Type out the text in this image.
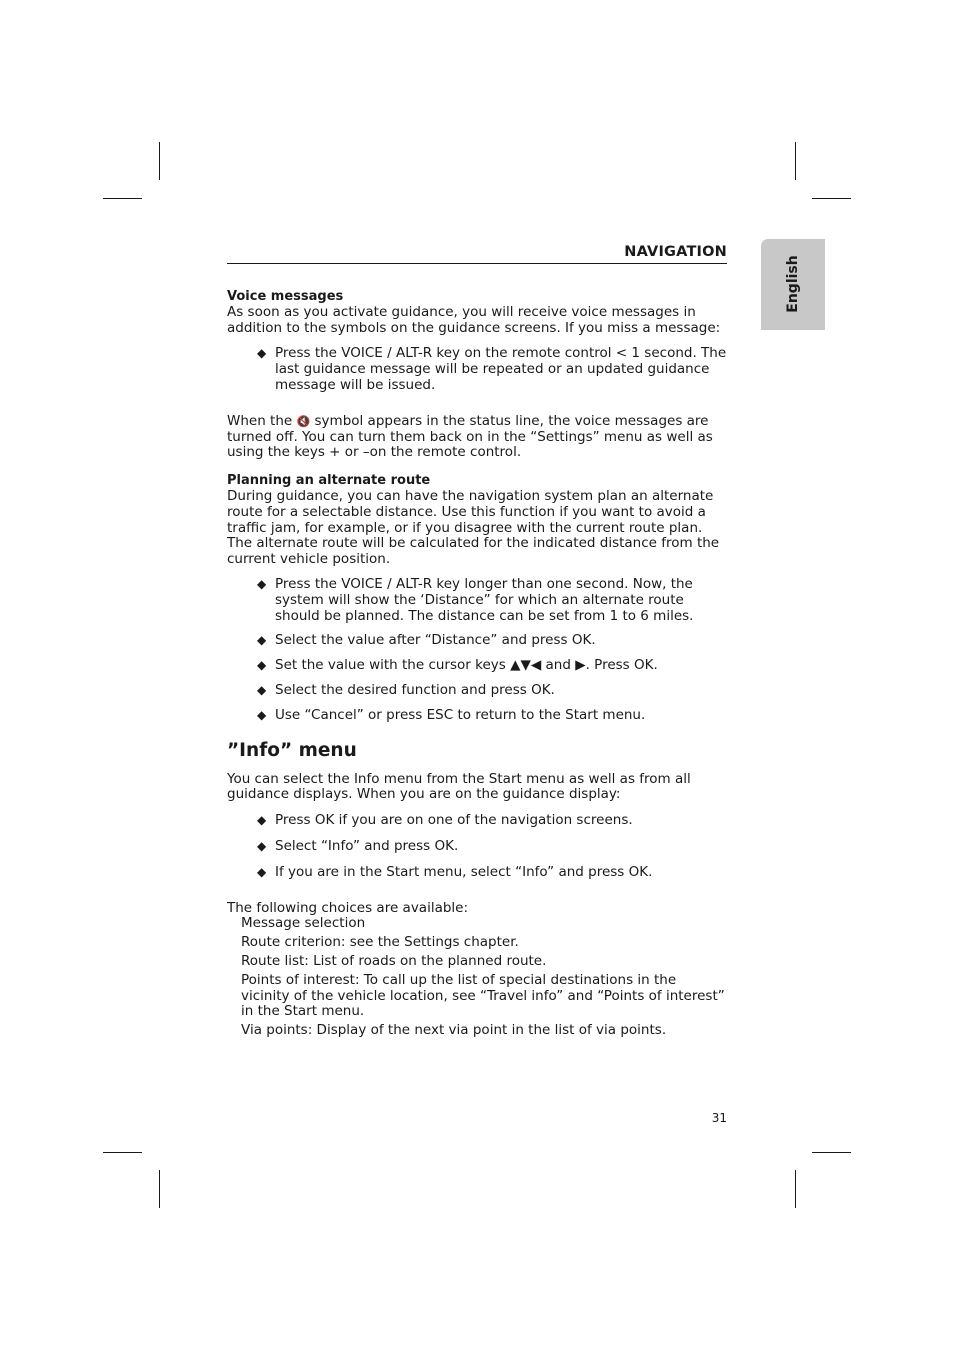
English
NAVIGATION

Voice messages

As soon as you activate guidance, you will receive voice messages in addition to the symbols on the guidance screens. If you miss a message:

◆ Press the VOICE / ALT-R key on the remote control < 1 second. The last guidance message will be repeated or an updated guidance message will be issued.

When the 🔇 symbol appears in the status line, the voice messages are turned off. You can turn them back on in the “Settings” menu as well as using the keys + or –on the remote control.

Planning an alternate route

During guidance, you can have the navigation system plan an alternate route for a selectable distance. Use this function if you want to avoid a traffic jam, for example, or if you disagree with the current route plan. The alternate route will be calculated for the indicated distance from the current vehicle position.

◆ Press the VOICE / ALT-R key longer than one second. Now, the system will show the ‘Distance” for which an alternate route should be planned. The distance can be set from 1 to 6 miles.
◆ Select the value after “Distance” and press OK.
◆ Set the value with the cursor keys ▲▼◀ and ▶. Press OK.
◆ Select the desired function and press OK.
◆ Use “Cancel” or press ESC to return to the Start menu.

”Info” menu

You can select the Info menu from the Start menu as well as from all guidance displays. When you are on the guidance display:

◆ Press OK if you are on one of the navigation screens.
◆ Select “Info” and press OK.
◆ If you are in the Start menu, select “Info” and press OK.

The following choices are available:

Message selection
Route criterion: see the Settings chapter.
Route list: List of roads on the planned route.
Points of interest: To call up the list of special destinations in the vicinity of the vehicle location, see “Travel info” and “Points of interest” in the Start menu.
Via points: Display of the next via point in the list of via points.
31
